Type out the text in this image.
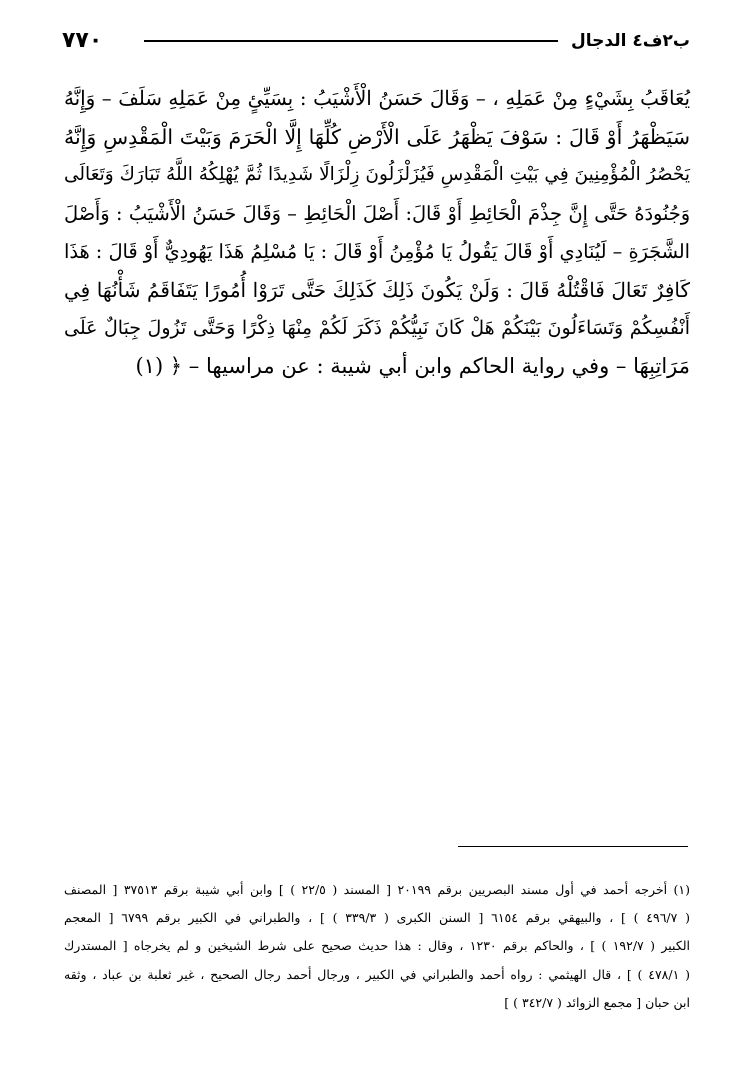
ب٢ف٤ الدجال
٧٧٠
يُعَاقَبُ بِشَيْءٍ مِنْ عَمَلِهِ ، – وَقَالَ حَسَنُ الْأَشْيَبُ : بِسَيِّئٍ مِنْ عَمَلِهِ سَلَفَ – وَإِنَّهُ
سَيَظْهَرُ أَوْ قَالَ : سَوْفَ يَظْهَرُ عَلَى الْأَرْضِ كُلِّهَا إِلَّا الْحَرَمَ وَبَيْتَ الْمَقْدِسِ وَإِنَّهُ
يَحْصُرُ الْمُؤْمِنِينَ فِي بَيْتِ الْمَقْدِسِ فَيُزَلْزَلُونَ زِلْزَالًا شَدِيدًا ثُمَّ يُهْلِكُهُ اللَّهُ تَبَارَكَ وَتَعَالَى
وَجُنُودَهُ حَتَّى إِنَّ جِذْمَ الْحَائِطِ أَوْ قَالَ: أَصْلَ الْحَائِطِ – وَقَالَ حَسَنُ الْأَشْيَبُ : وَأَصْلَ
الشَّجَرَةِ – لَيُنَادِي أَوْ قَالَ يَقُولُ يَا مُؤْمِنُ أَوْ قَالَ : يَا مُسْلِمُ هَذَا يَهُودِيٌّ أَوْ قَالَ : هَذَا
كَافِرٌ تَعَالَ فَاقْتُلْهُ قَالَ : وَلَنْ يَكُونَ ذَلِكَ كَذَلِكَ حَتَّى تَرَوْا أُمُورًا يَتَفَاقَمُ شَأْنُهَا فِي
أَنْفُسِكُمْ وَتَسَاءَلُونَ بَيْنَكُمْ هَلْ كَانَ نَبِيُّكُمْ ذَكَرَ لَكُمْ مِنْهَا ذِكْرًا وَحَتَّى تَزُولَ جِبَالٌ عَلَى
مَرَاتِبِهَا – وفي رواية الحاكم وابن أبي شيبة : عن مراسيها – ﴿ (١)
(١) أخرجه أحمد في أول مسند البصريين برقم ٢٠١٩٩ [ المسند ( ٢٢/٥ ) ] وابن أبي شيبة برقم ٣٧٥١٣ [ المصنف
( ٤٩٦/٧ ) ] ، والبيهقي برقم ٦١٥٤ [ السنن الكبرى ( ٣٣٩/٣ ) ] ، والطبراني في الكبير برقم ٦٧٩٩ [ المعجم
الكبير ( ١٩٢/٧ ) ] ، والحاكم برقم ١٢٣٠ ، وقال : هذا حديث صحيح على شرط الشيخين و لم يخرجاه [ المستدرك
( ٤٧٨/١ ) ] ، قال الهيثمي : رواه أحمد والطبراني في الكبير ، ورجال أحمد رجال الصحيح ، غير ثعلبة بن عباد ، وثقه
ابن حبان [ مجمع الزوائد ( ٣٤٢/٧ ) ]
